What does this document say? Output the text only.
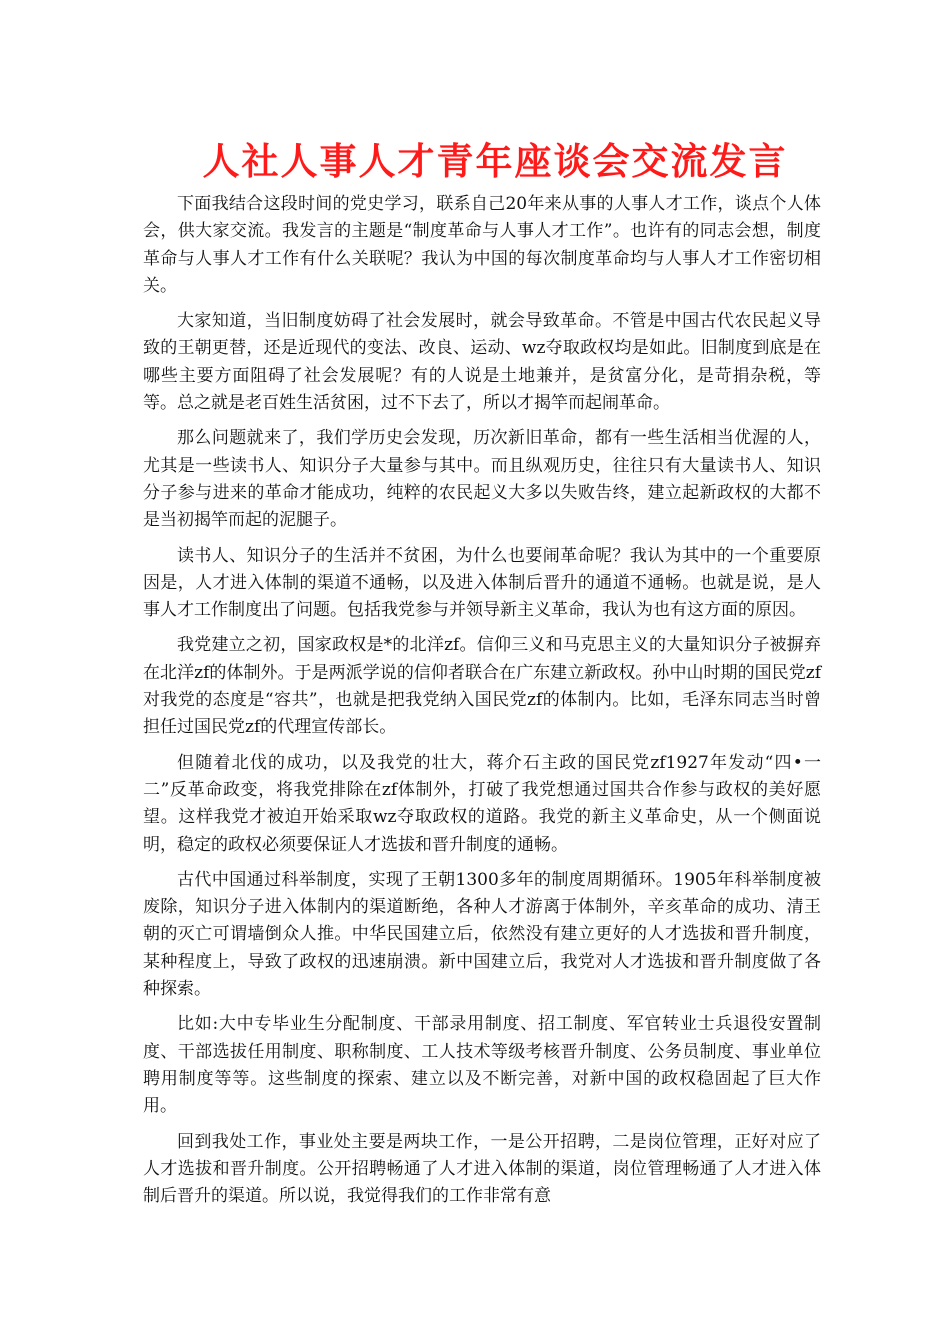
人社人事人才青年座谈会交流发言

下面我结合这段时间的党史学习，联系自己20年来从事的人事人才工作，谈点个人体会，供大家交流。我发言的主题是“制度革命与人事人才工作”。也许有的同志会想，制度革命与人事人才工作有什么关联呢？我认为中国的每次制度革命均与人事人才工作密切相关。

大家知道，当旧制度妨碍了社会发展时，就会导致革命。不管是中国古代农民起义导致的王朝更替，还是近现代的变法、改良、运动、wz夺取政权均是如此。旧制度到底是在哪些主要方面阻碍了社会发展呢？有的人说是土地兼并，是贫富分化，是苛捐杂税，等等。总之就是老百姓生活贫困，过不下去了，所以才揭竿而起闹革命。

那么问题就来了，我们学历史会发现，历次新旧革命，都有一些生活相当优渥的人，尤其是一些读书人、知识分子大量参与其中。而且纵观历史，往往只有大量读书人、知识分子参与进来的革命才能成功，纯粹的农民起义大多以失败告终，建立起新政权的大都不是当初揭竿而起的泥腿子。

读书人、知识分子的生活并不贫困，为什么也要闹革命呢？我认为其中的一个重要原因是，人才进入体制的渠道不通畅，以及进入体制后晋升的通道不通畅。也就是说，是人事人才工作制度出了问题。包括我党参与并领导新主义革命，我认为也有这方面的原因。

我党建立之初，国家政权是*的北洋zf。信仰三义和马克思主义的大量知识分子被摒弃在北洋zf的体制外。于是两派学说的信仰者联合在广东建立新政权。孙中山时期的国民党zf对我党的态度是“容共”，也就是把我党纳入国民党zf的体制内。比如，毛泽东同志当时曾担任过国民党zf的代理宣传部长。

但随着北伐的成功，以及我党的壮大，蒋介石主政的国民党zf1927年发动“四•一二”反革命政变，将我党排除在zf体制外，打破了我党想通过国共合作参与政权的美好愿望。这样我党才被迫开始采取wz夺取政权的道路。我党的新主义革命史，从一个侧面说明，稳定的政权必须要保证人才选拔和晋升制度的通畅。

古代中国通过科举制度，实现了王朝1300多年的制度周期循环。1905年科举制度被废除，知识分子进入体制内的渠道断绝，各种人才游离于体制外，辛亥革命的成功、清王朝的灭亡可谓墙倒众人推。中华民国建立后，依然没有建立更好的人才选拔和晋升制度，某种程度上，导致了政权的迅速崩溃。新中国建立后，我党对人才选拔和晋升制度做了各种探索。

比如:大中专毕业生分配制度、干部录用制度、招工制度、军官转业士兵退役安置制度、干部选拔任用制度、职称制度、工人技术等级考核晋升制度、公务员制度、事业单位聘用制度等等。这些制度的探索、建立以及不断完善，对新中国的政权稳固起了巨大作用。

回到我处工作，事业处主要是两块工作，一是公开招聘，二是岗位管理，正好对应了人才选拔和晋升制度。公开招聘畅通了人才进入体制的渠道，岗位管理畅通了人才进入体制后晋升的渠道。所以说，我觉得我们的工作非常有意
